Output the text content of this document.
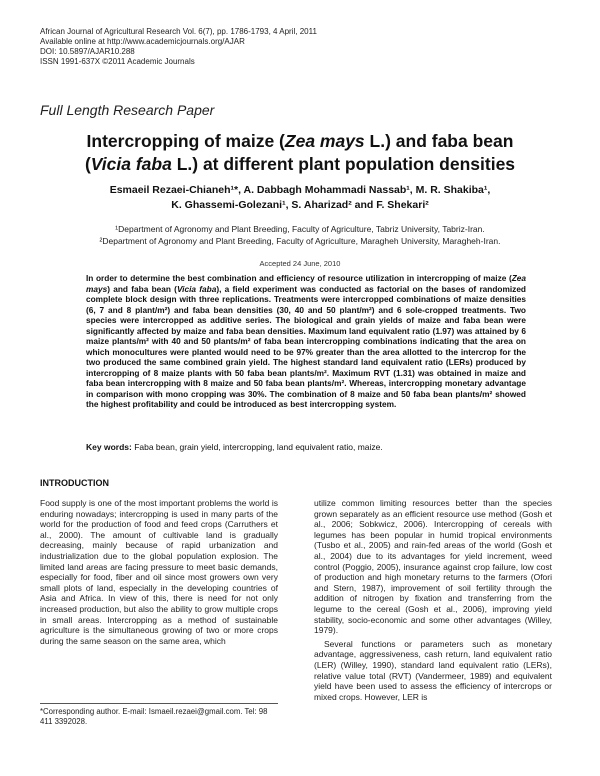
African Journal of Agricultural Research Vol. 6(7), pp. 1786-1793, 4 April, 2011
Available online at http://www.academicjournals.org/AJAR
DOI: 10.5897/AJAR10.288
ISSN 1991-637X ©2011 Academic Journals
Full Length Research Paper
Intercropping of maize (Zea mays L.) and faba bean
(Vicia faba L.) at different plant population densities
Esmaeil Rezaei-Chianeh¹*, A. Dabbagh Mohammadi Nassab¹, M. R. Shakiba¹,
K. Ghassemi-Golezani¹, S. Aharizad² and F. Shekari²
¹Department of Agronomy and Plant Breeding, Faculty of Agriculture, Tabriz University, Tabriz-Iran.
²Department of Agronomy and Plant Breeding, Faculty of Agriculture, Maragheh University, Maragheh-Iran.
Accepted 24 June, 2010
In order to determine the best combination and efficiency of resource utilization in intercropping of maize (Zea mays) and faba bean (Vicia faba), a field experiment was conducted as factorial on the bases of randomized complete block design with three replications. Treatments were intercropped combinations of maize densities (6, 7 and 8 plant/m²) and faba bean densities (30, 40 and 50 plant/m²) and 6 sole-cropped treatments. Two species were intercropped as additive series. The biological and grain yields of maize and faba bean were significantly affected by maize and faba bean densities. Maximum land equivalent ratio (1.97) was attained by 6 maize plants/m² with 40 and 50 plants/m² of faba bean intercropping combinations indicating that the area on which monocultures were planted would need to be 97% greater than the area allotted to the intercrop for the two produced the same combined grain yield. The highest standard land equivalent ratio (LERs) produced by intercropping of 8 maize plants with 50 faba bean plants/m². Maximum RVT (1.31) was obtained in maize and faba bean intercropping with 8 maize and 50 faba bean plants/m². Whereas, intercropping monetary advantage in comparison with mono cropping was 30%. The combination of 8 maize and 50 faba bean plants/m² showed the highest profitability and could be introduced as best intercropping system.
Key words: Faba bean, grain yield, intercropping, land equivalent ratio, maize.
INTRODUCTION
Food supply is one of the most important problems the world is enduring nowadays; intercropping is used in many parts of the world for the production of food and feed crops (Carruthers et al., 2000). The amount of cultivable land is gradually decreasing, mainly because of rapid urbanization and industrialization due to the global population explosion. The limited land areas are facing pressure to meet basic demands, especially for food, fiber and oil since most growers own very small plots of land, especially in the developing countries of Asia and Africa. In view of this, there is need for not only increased production, but also the ability to grow multiple crops in small areas. Intercropping as a method of sustainable agriculture is the simultaneous growing of two or more crops during the same season on the same area, which

utilize common limiting resources better than the species grown separately as an efficient resource use method (Gosh et al., 2006; Sobkwicz, 2006). Intercropping of cereals with legumes has been popular in humid tropical environments (Tusbo et al., 2005) and rain-fed areas of the world (Gosh et al., 2004) due to its advantages for yield increment, weed control (Poggio, 2005), insurance against crop failure, low cost of production and high monetary returns to the farmers (Ofori and Stern, 1987), improvement of soil fertility through the addition of nitrogen by fixation and transferring from the legume to the cereal (Gosh et al., 2006), improving yield stability, socio-economic and some other advantages (Willey, 1979).

Several functions or parameters such as monetary advantage, aggressiveness, cash return, land equivalent ratio (LER) (Willey, 1990), standard land equivalent ratio (LERs), relative value total (RVT) (Vandermeer, 1989) and equivalent yield have been used to assess the efficiency of intercrops or mixed crops. However, LER is

*Corresponding author. E-mail: Ismaeil.rezaei@gmail.com. Tel: 98 411 3392028.
